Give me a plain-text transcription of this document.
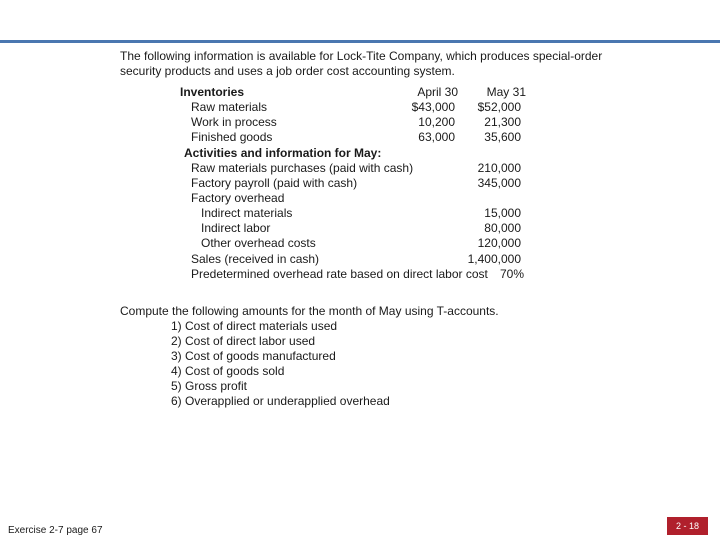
The following information is available for Lock-Tite Company, which produces special-order
security products and uses a job order cost accounting system.
Inventories	April 30	May 31
Raw materials	$43,000	$52,000
Work in process	10,200	21,300
Finished goods	63,000	35,600
Activities and information for May:
Raw materials purchases (paid with cash)	210,000
Factory payroll (paid with cash)	345,000
Factory overhead
Indirect materials	15,000
Indirect labor	80,000
Other overhead costs	120,000
Sales (received in cash)	1,400,000
Predetermined overhead rate based on direct labor cost 70%
Compute the following amounts for the month of May using T-accounts.
1) Cost of direct materials used
2) Cost of direct labor used
3) Cost of goods manufactured
4) Cost of goods sold
5) Gross profit
6) Overapplied or underapplied overhead
Exercise 2-7 page 67	2 - 18
